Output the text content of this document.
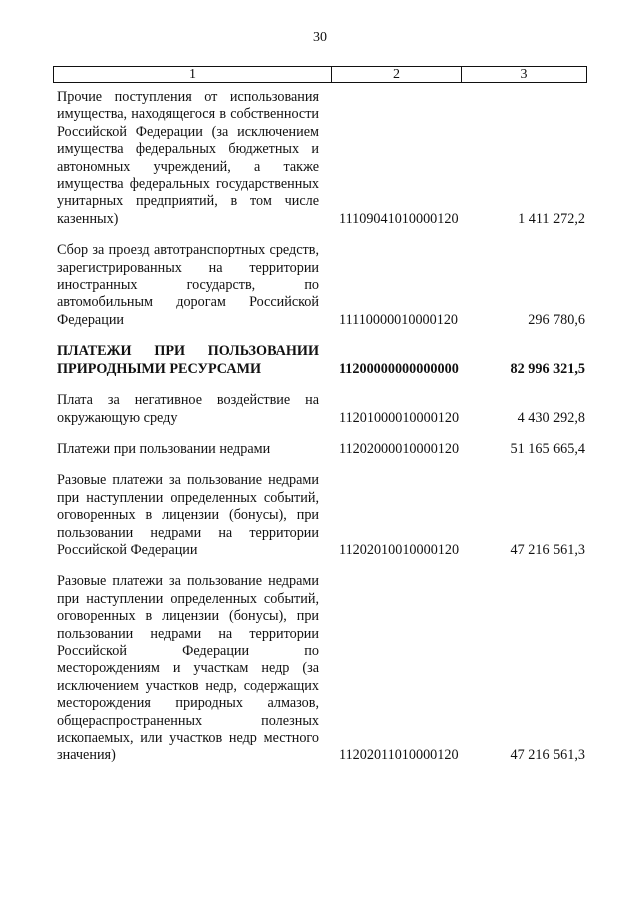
30
1	2	3
Прочие поступления от использования имущества, находящегося в собственности Российской Федерации (за исключением имущества федеральных бюджетных и автономных учреждений, а также имущества федеральных государственных унитарных предприятий, в том числе казенных)	11109041010000120	1 411 272,2
Сбор за проезд автотранспортных средств, зарегистрированных на территории иностранных государств, по автомобильным дорогам Российской Федерации	11110000010000120	296 780,6
ПЛАТЕЖИ ПРИ ПОЛЬЗОВАНИИ ПРИРОДНЫМИ РЕСУРСАМИ	11200000000000000	82 996 321,5
Плата за негативное воздействие на окружающую среду	11201000010000120	4 430 292,8
Платежи при пользовании недрами	11202000010000120	51 165 665,4
Разовые платежи за пользование недрами при наступлении определенных событий, оговоренных в лицензии (бонусы), при пользовании недрами на территории Российской Федерации	11202010010000120	47 216 561,3
Разовые платежи за пользование недрами при наступлении определенных событий, оговоренных в лицензии (бонусы), при пользовании недрами на территории Российской Федерации по месторождениям и участкам недр (за исключением участков недр, содержащих месторождения природных алмазов, общераспространенных полезных ископаемых, или участков недр местного значения)	11202011010000120	47 216 561,3
